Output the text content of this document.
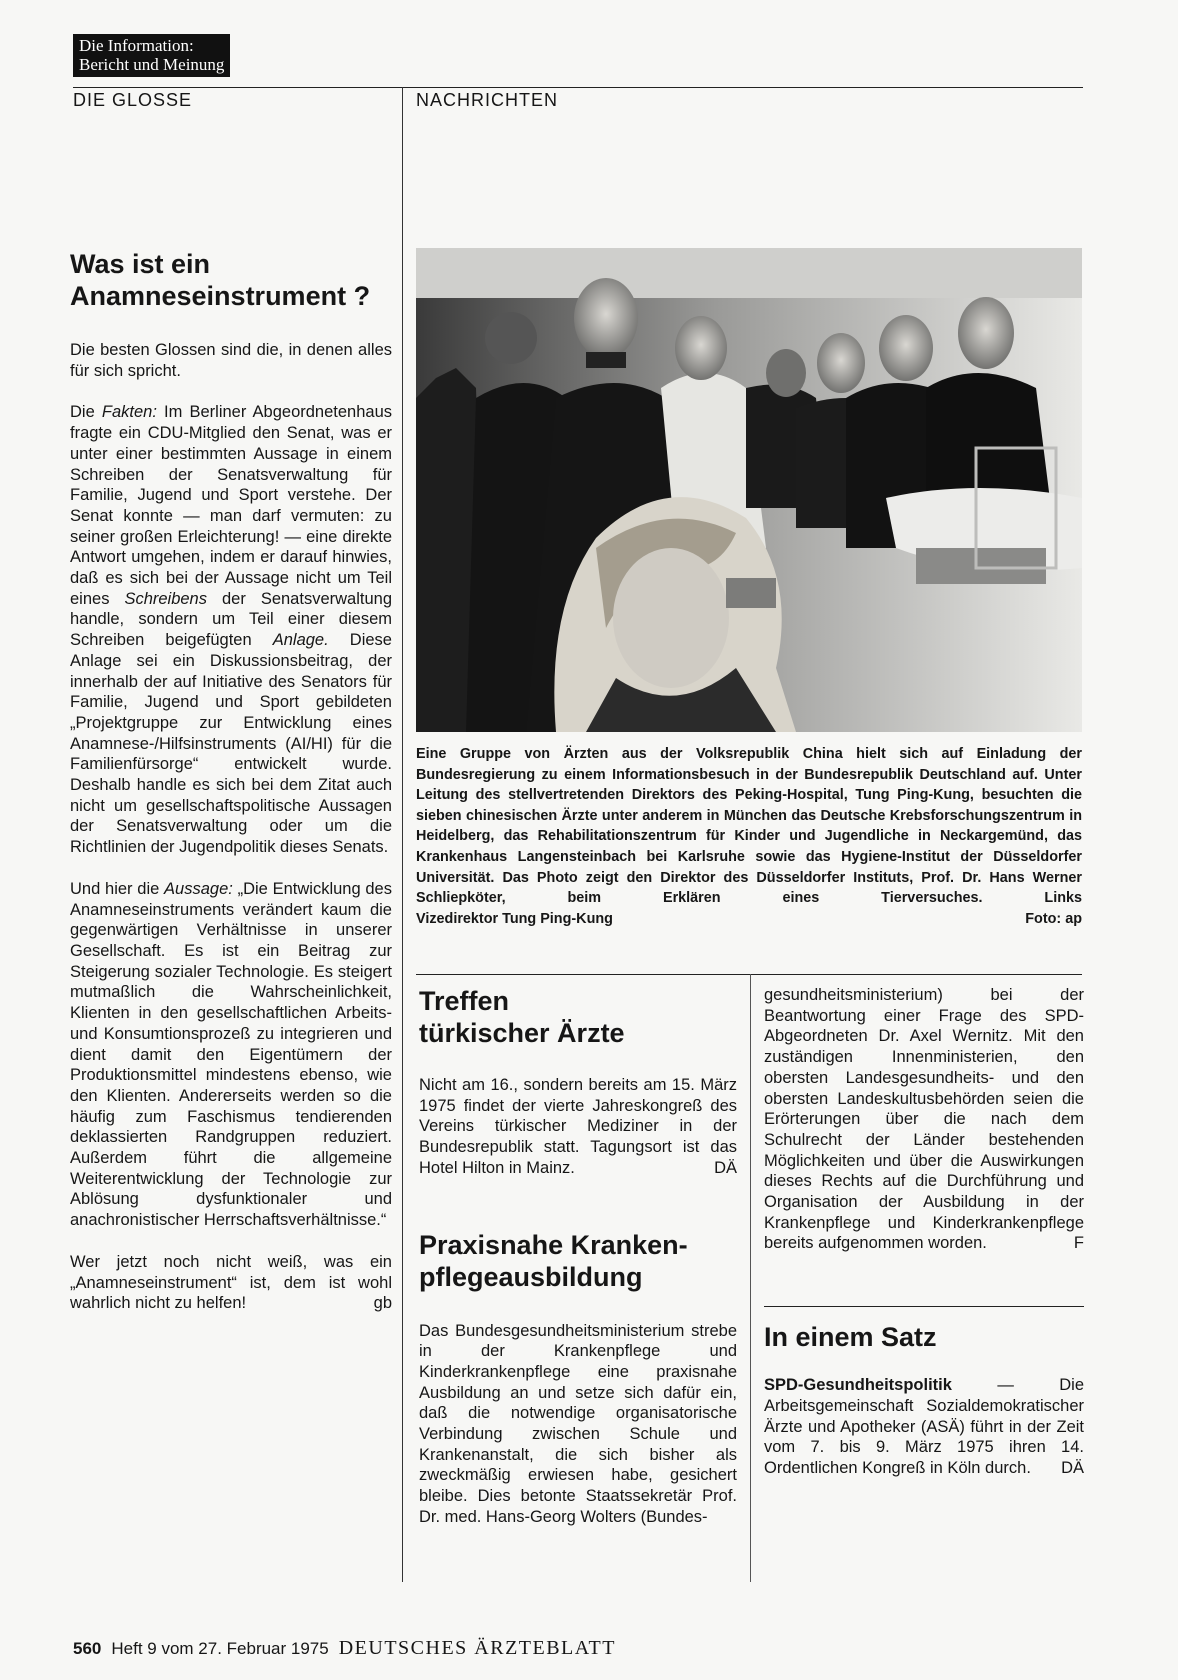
Die Information:
Bericht und Meinung
DIE GLOSSE	NACHRICHTEN
Was ist ein
Anamneseinstrument ?

Die besten Glossen sind die, in denen alles für sich spricht.

Die Fakten: Im Berliner Abgeordnetenhaus fragte ein CDU-Mitglied den Senat, was er unter einer bestimmten Aussage in einem Schreiben der Senatsverwaltung für Familie, Jugend und Sport verstehe. Der Senat konnte — man darf vermuten: zu seiner großen Erleichterung! — eine direkte Antwort umgehen, indem er darauf hinwies, daß es sich bei der Aussage nicht um Teil eines Schreibens der Senatsverwaltung handle, sondern um Teil einer diesem Schreiben beigefügten Anlage. Diese Anlage sei ein Diskussionsbeitrag, der innerhalb der auf Initiative des Senators für Familie, Jugend und Sport gebildeten „Projektgruppe zur Entwicklung eines Anamnese-/Hilfsinstruments (AI/HI) für die Familienfürsorge“ entwickelt wurde. Deshalb handle es sich bei dem Zitat auch nicht um gesellschaftspolitische Aussagen der Senatsverwaltung oder um die Richtlinien der Jugendpolitik dieses Senats.

Und hier die Aussage: „Die Entwicklung des Anamneseinstruments verändert kaum die gegenwärtigen Verhältnisse in unserer Gesellschaft. Es ist ein Beitrag zur Steigerung sozialer Technologie. Es steigert mutmaßlich die Wahrscheinlichkeit, Klienten in den gesellschaftlichen Arbeits- und Konsumtionsprozeß zu integrieren und dient damit den Eigentümern der Produktionsmittel mindestens ebenso, wie den Klienten. Andererseits werden so die häufig zum Faschismus tendierenden deklassierten Randgruppen reduziert. Außerdem führt die allgemeine Weiterentwicklung der Technologie zur Ablösung dysfunktionaler und anachronistischer Herrschaftsverhältnisse.“

Wer jetzt noch nicht weiß, was ein „Anamneseinstrument“ ist, dem ist wohl wahrlich nicht zu helfen!	gb

Eine Gruppe von Ärzten aus der Volksrepublik China hielt sich auf Einladung der Bundesregierung zu einem Informationsbesuch in der Bundesrepublik Deutschland auf. Unter Leitung des stellvertretenden Direktors des Peking-Hospital, Tung Ping-Kung, besuchten die sieben chinesischen Ärzte unter anderem in München das Deutsche Krebsforschungszentrum in Heidelberg, das Rehabilitationszentrum für Kinder und Jugendliche in Neckargemünd, das Krankenhaus Langensteinbach bei Karlsruhe sowie das Hygiene-Institut der Düsseldorfer Universität. Das Photo zeigt den Direktor des Düsseldorfer Instituts, Prof. Dr. Hans Werner Schliepköter, beim Erklären eines Tierversuches. Links
Vizedirektor Tung Ping-Kung	Foto: ap
Treffen
türkischer Ärzte

Nicht am 16., sondern bereits am 15. März 1975 findet der vierte Jahreskongreß des Vereins türkischer Mediziner in der Bundesrepublik statt. Tagungsort ist das Hotel Hilton in Mainz.	DÄ

Praxisnahe Kranken-
pflegeausbildung

Das Bundesgesundheitsministerium strebe in der Krankenpflege und Kinderkrankenpflege eine praxisnahe Ausbildung an und setze sich dafür ein, daß die notwendige organisatorische Verbindung zwischen Schule und Krankenanstalt, die sich bisher als zweckmäßig erwiesen habe, gesichert bleibe. Dies betonte Staatssekretär Prof. Dr. med. Hans-Georg Wolters (Bundes-

gesundheitsministerium) bei der Beantwortung einer Frage des SPD-Abgeordneten Dr. Axel Wernitz. Mit den zuständigen Innenministerien, den obersten Landesgesundheits- und den obersten Landeskultusbehörden seien die Erörterungen über die nach dem Schulrecht der Länder bestehenden Möglichkeiten und über die Auswirkungen dieses Rechts auf die Durchführung und Organisation der Ausbildung in der Krankenpflege und Kinderkrankenpflege bereits aufgenommen worden.	F

In einem Satz

SPD-Gesundheitspolitik — Die Arbeitsgemeinschaft Sozialdemokratischer Ärzte und Apotheker (ASÄ) führt in der Zeit vom 7. bis 9. März 1975 ihren 14. Ordentlichen Kongreß in Köln durch. DÄ

560 Heft 9 vom 27. Februar 1975 DEUTSCHES ÄRZTEBLATT
